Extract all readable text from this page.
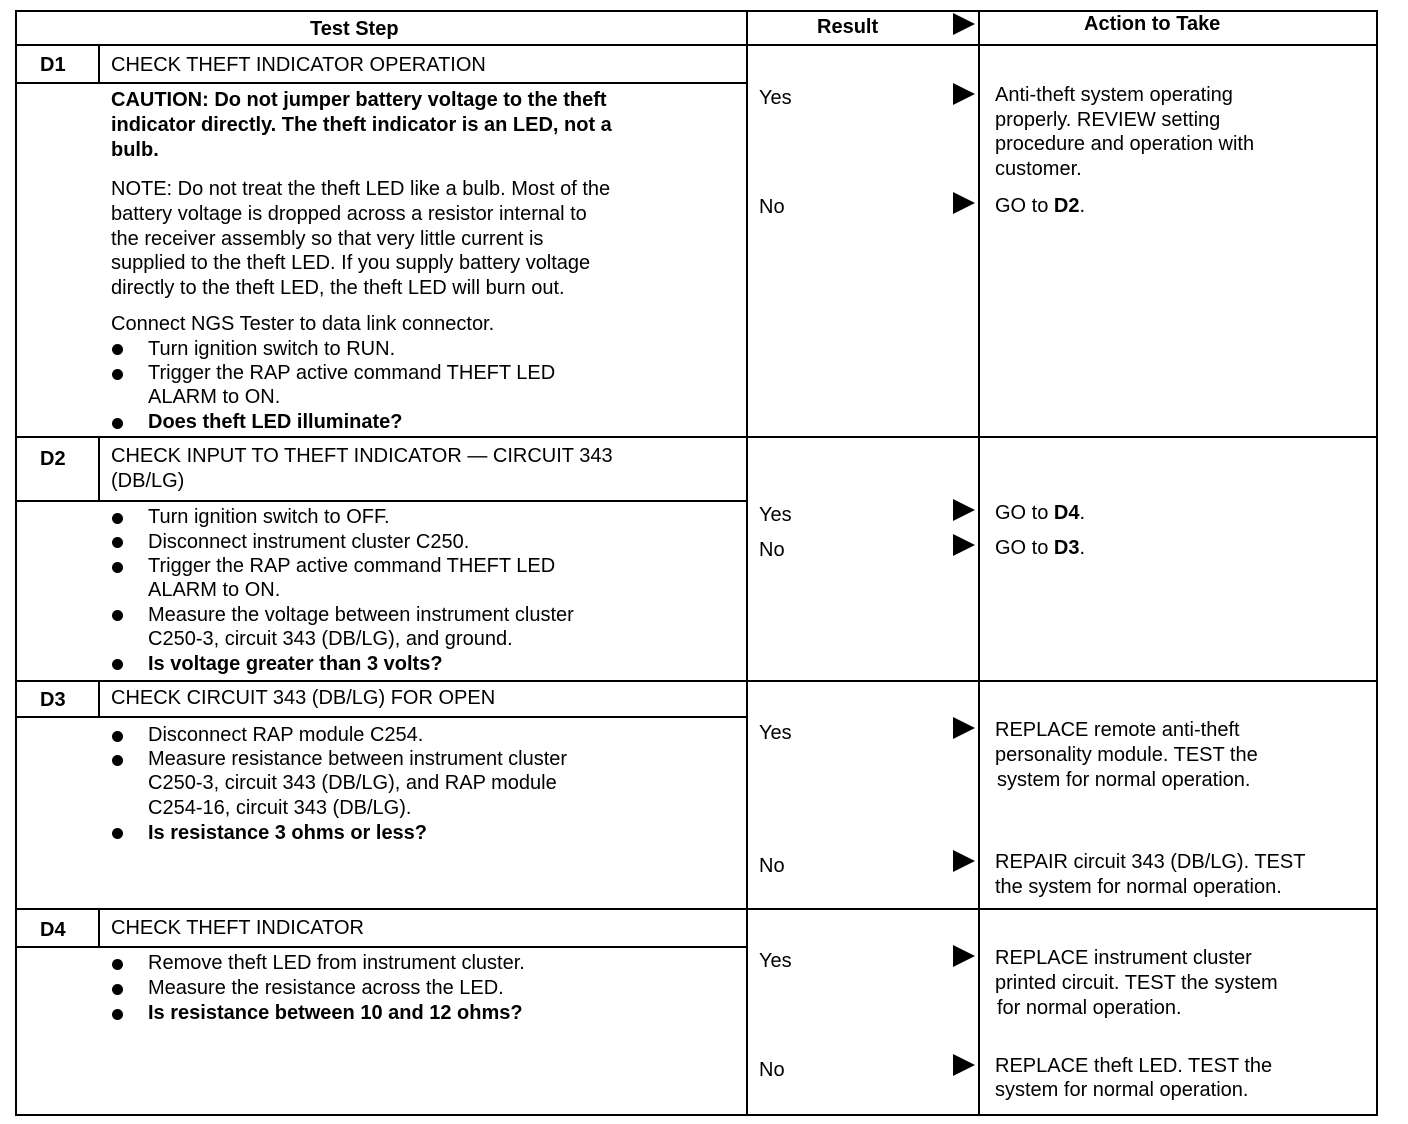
Test Step	Result	Action to Take
D1 CHECK THEFT INDICATOR OPERATION
CAUTION: Do not jumper battery voltage to the theft
indicator directly. The theft indicator is an LED, not a
bulb.
NOTE: Do not treat the theft LED like a bulb. Most of the
battery voltage is dropped across a resistor internal to
the receiver assembly so that very little current is
supplied to the theft LED. If you supply battery voltage
directly to the theft LED, the theft LED will burn out.
Connect NGS Tester to data link connector.
Turn ignition switch to RUN.
Trigger the RAP active command THEFT LED
ALARM to ON.
Does theft LED illuminate?
Yes	Anti-theft system operating
properly. REVIEW setting
procedure and operation with
customer.
No	GO to D2.
D2 CHECK INPUT TO THEFT INDICATOR — CIRCUIT 343
(DB/LG)
Turn ignition switch to OFF.
Disconnect instrument cluster C250.
Trigger the RAP active command THEFT LED
ALARM to ON.
Measure the voltage between instrument cluster
C250-3, circuit 343 (DB/LG), and ground.
Is voltage greater than 3 volts?
Yes	GO to D4.
No	GO to D3.
D3 CHECK CIRCUIT 343 (DB/LG) FOR OPEN
Disconnect RAP module C254.
Measure resistance between instrument cluster
C250-3, circuit 343 (DB/LG), and RAP module
C254-16, circuit 343 (DB/LG).
Is resistance 3 ohms or less?
Yes	REPLACE remote anti-theft
personality module. TEST the
system for normal operation.
No	REPAIR circuit 343 (DB/LG). TEST
the system for normal operation.
D4 CHECK THEFT INDICATOR
Remove theft LED from instrument cluster.
Measure the resistance across the LED.
Is resistance between 10 and 12 ohms?
Yes	REPLACE instrument cluster
printed circuit. TEST the system
for normal operation.
No	REPLACE theft LED. TEST the
system for normal operation.
